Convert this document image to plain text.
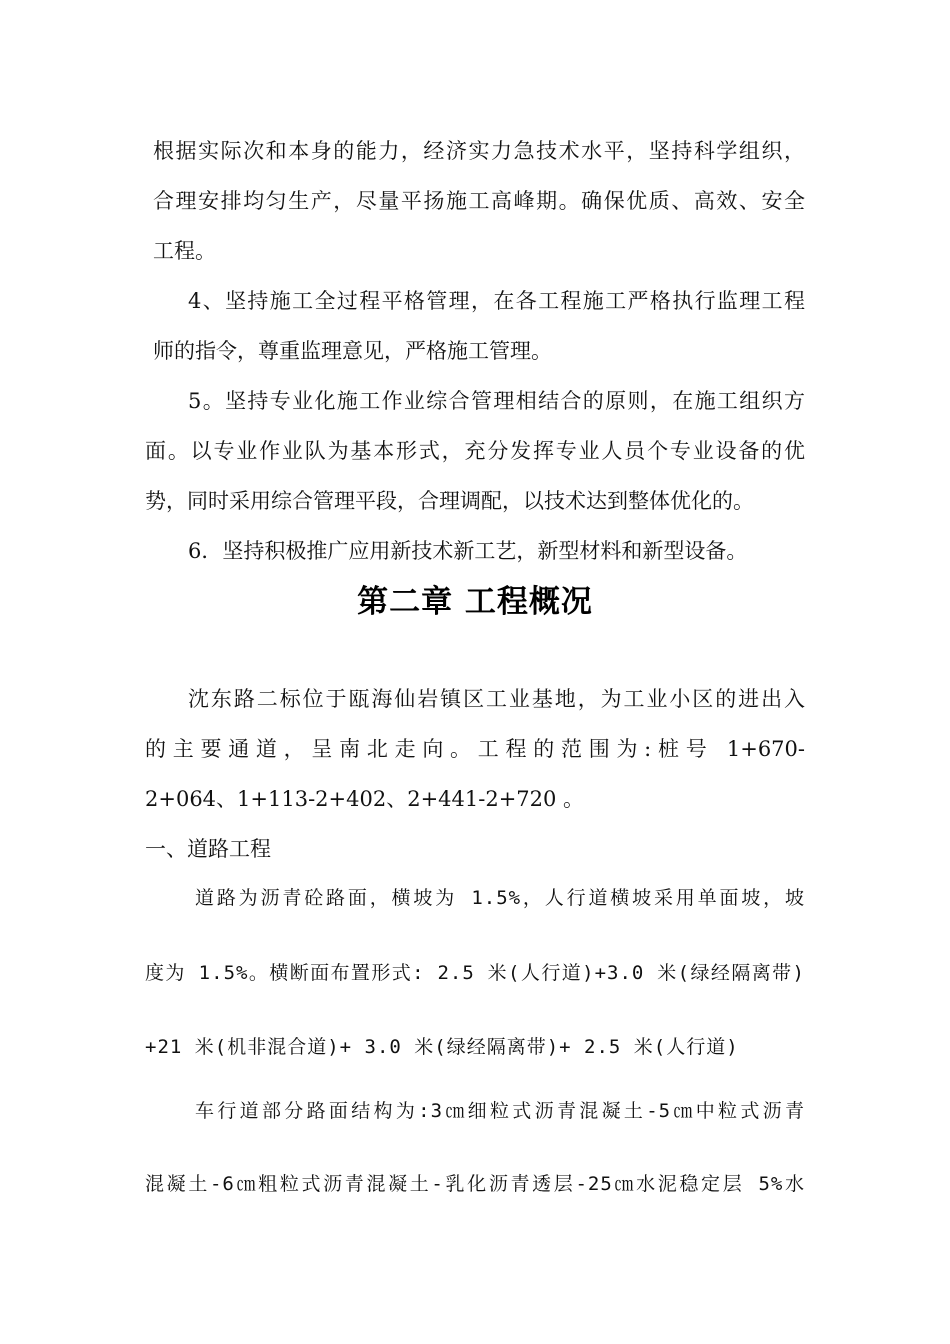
根据实际次和本身的能力，经济实力急技术水平，坚持科学组织，
合理安排均匀生产，尽量平扬施工高峰期。确保优质、高效、安全
工程。
4、坚持施工全过程平格管理，在各工程施工严格执行监理工程
师的指令，尊重监理意见，严格施工管理。
5。坚持专业化施工作业综合管理相结合的原则，在施工组织方
面。以专业作业队为基本形式，充分发挥专业人员个专业设备的优
势，同时采用综合管理平段，合理调配，以技术达到整体优化的。
6．坚持积极推广应用新技术新工艺，新型材料和新型设备。
第二章 工程概况
沈东路二标位于瓯海仙岩镇区工业基地，为工业小区的进出入
的主要通道，呈南北走向。工程的范围为:桩号 1+670-
2+064、1+113-2+402、2+441-2+720 。
一、道路工程
道路为沥青砼路面，横坡为 1.5%，人行道横坡采用单面坡，坡
度为 1.5%。横断面布置形式: 2.5 米(人行道)+3.0 米(绿经隔离带)
+21 米(机非混合道)+ 3.0 米(绿经隔离带)+ 2.5 米(人行道)
车行道部分路面结构为:3㎝细粒式沥青混凝土-5㎝中粒式沥青
混凝土-6㎝粗粒式沥青混凝土-乳化沥青透层-25㎝水泥稳定层 5%水
